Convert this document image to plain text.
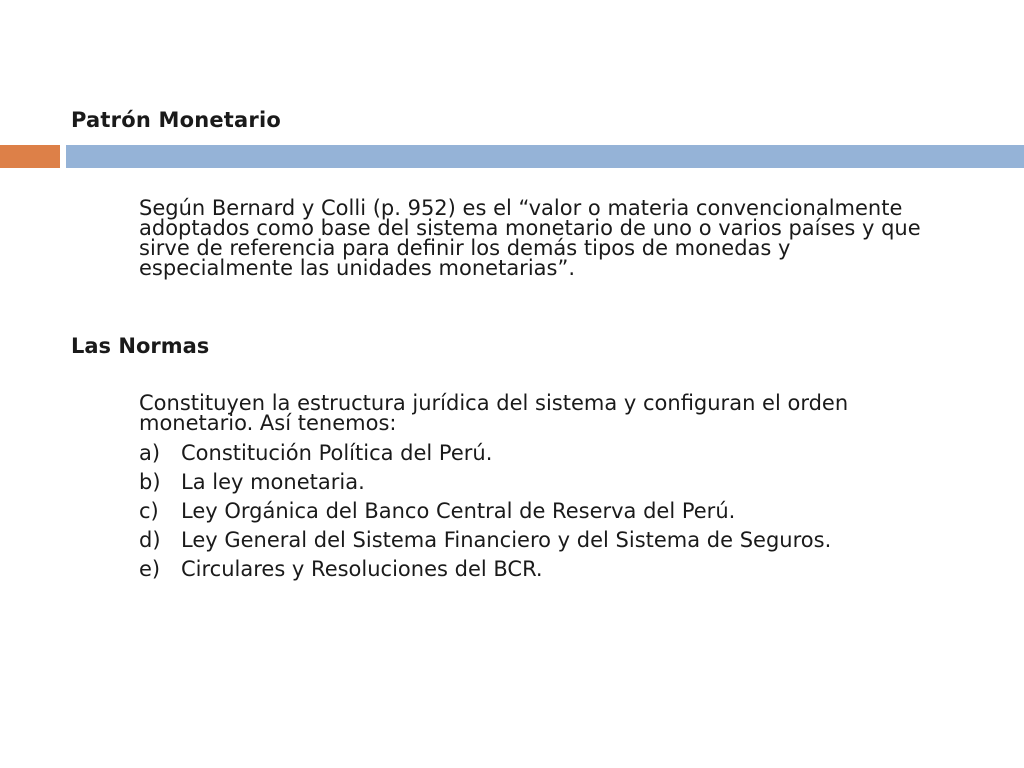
Patrón Monetario
Según Bernard y Colli (p. 952) es el “valor o materia convencionalmente adoptados como base del sistema monetario de uno o varios países y que sirve de referencia para definir los demás tipos de monedas y especialmente las unidades monetarias”.
Las Normas
Constituyen la estructura jurídica del sistema y configuran el orden monetario. Así tenemos:
a) Constitución Política del Perú.
b) La ley monetaria.
c)	Ley Orgánica del Banco Central de Reserva del Perú.
d) Ley General del Sistema Financiero y del Sistema de Seguros.
e) Circulares y Resoluciones del BCR.
